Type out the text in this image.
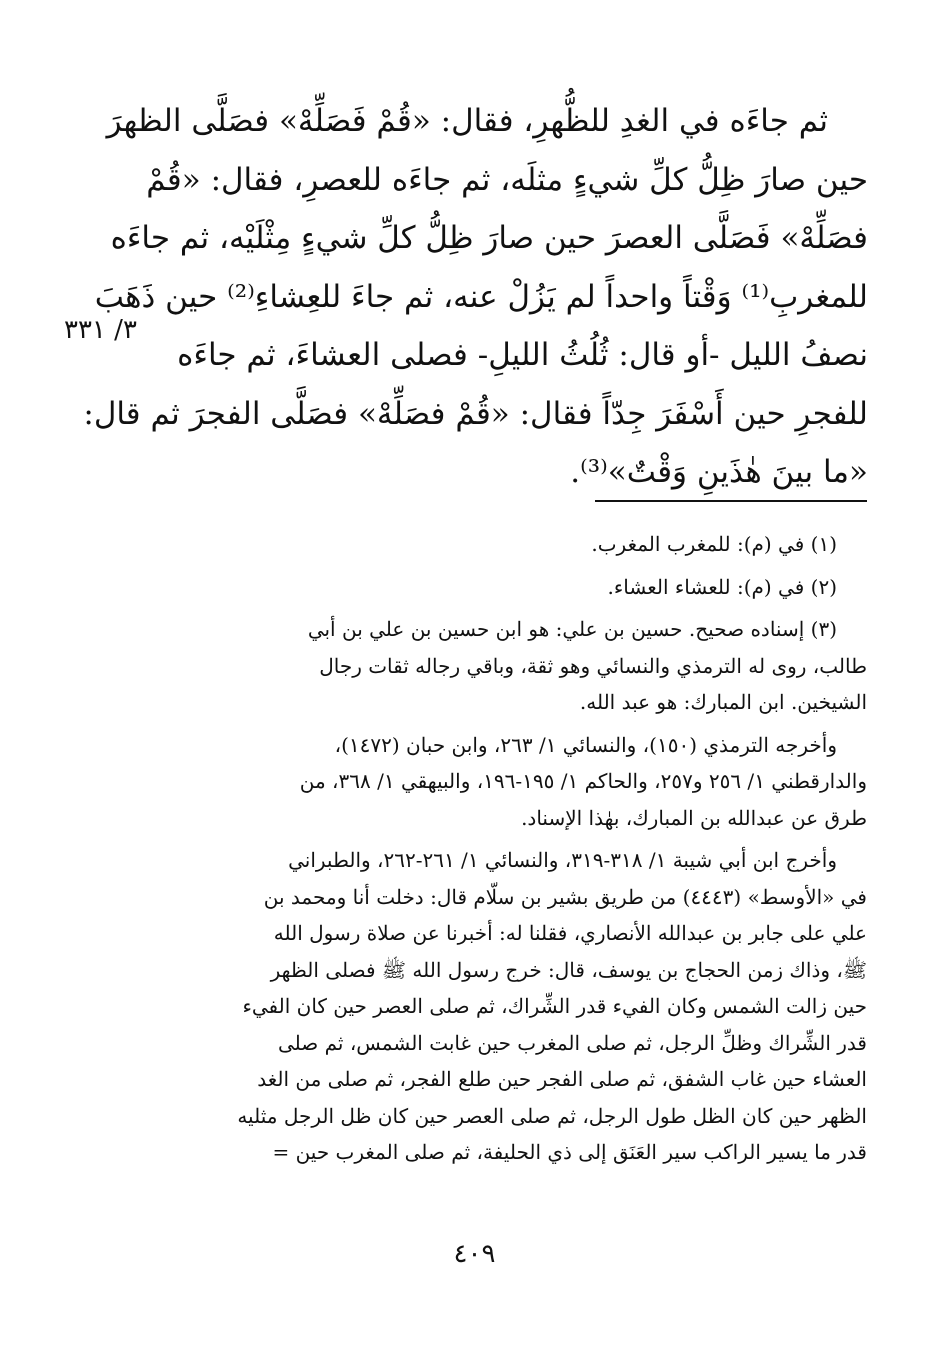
ثم جاءَه في الغدِ للظُّهرِ، فقال: «قُمْ فَصَلِّهْ» فصَلَّى الظهرَ
حين صارَ ظِلُّ كلِّ شيءٍ مثلَه، ثم جاءَه للعصرِ، فقال: «قُمْ
فصَلِّهْ» فَصَلَّى العصرَ حين صارَ ظِلُّ كلِّ شيءٍ مِثْلَيْه، ثم جاءَه
للمغربِ⁽¹⁾ وَقْتاً واحداً لم يَزُلْ عنه، ثم جاءَ للعِشاءِ⁽²⁾ حين ذَهَبَ
نصفُ الليل -أو قال: ثُلُثُ الليلِ- فصلى العشاءَ، ثم جاءَه
للفجرِ حين أَسْفَرَ جِدّاً فقال: «قُمْ فصَلِّهْ» فصَلَّى الفجرَ ثم قال:
«ما بينَ هٰذَينِ وَقْتٌ»⁽³⁾.
٣/ ٣٣١
(١) في (م): للمغرب المغرب.
(٢) في (م): للعشاء العشاء.
(٣) إسناده صحيح. حسين بن علي: هو ابن حسين بن علي بن أبي
طالب، روى له الترمذي والنسائي وهو ثقة، وباقي رجاله ثقات رجال
الشيخين. ابن المبارك: هو عبد الله.
وأخرجه الترمذي (١٥٠)، والنسائي ١/ ٢٦٣، وابن حبان (١٤٧٢)،
والدارقطني ١/ ٢٥٦ و٢٥٧، والحاكم ١/ ١٩٥-١٩٦، والبيهقي ١/ ٣٦٨، من
طرق عن عبدالله بن المبارك، بهٰذا الإسناد.
وأخرج ابن أبي شيبة ١/ ٣١٨-٣١٩، والنسائي ١/ ٢٦١-٢٦٢، والطبراني
في «الأوسط» (٤٤٤٣) من طريق بشير بن سلّام قال: دخلت أنا ومحمد بن
علي على جابر بن عبدالله الأنصاري، فقلنا له: أخبرنا عن صلاة رسول الله
ﷺ، وذاك زمن الحجاج بن يوسف، قال: خرج رسول الله ﷺ فصلى الظهر
حين زالت الشمس وكان الفيء قدر الشِّراك، ثم صلى العصر حين كان الفيء
قدر الشِّراك وظلِّ الرجل، ثم صلى المغرب حين غابت الشمس، ثم صلى
العشاء حين غاب الشفق، ثم صلى الفجر حين طلع الفجر، ثم صلى من الغد
الظهر حين كان الظل طول الرجل، ثم صلى العصر حين كان ظل الرجل مثليه
قدر ما يسير الراكب سير العَنَق إلى ذي الحليفة، ثم صلى المغرب حين =
٤٠٩
